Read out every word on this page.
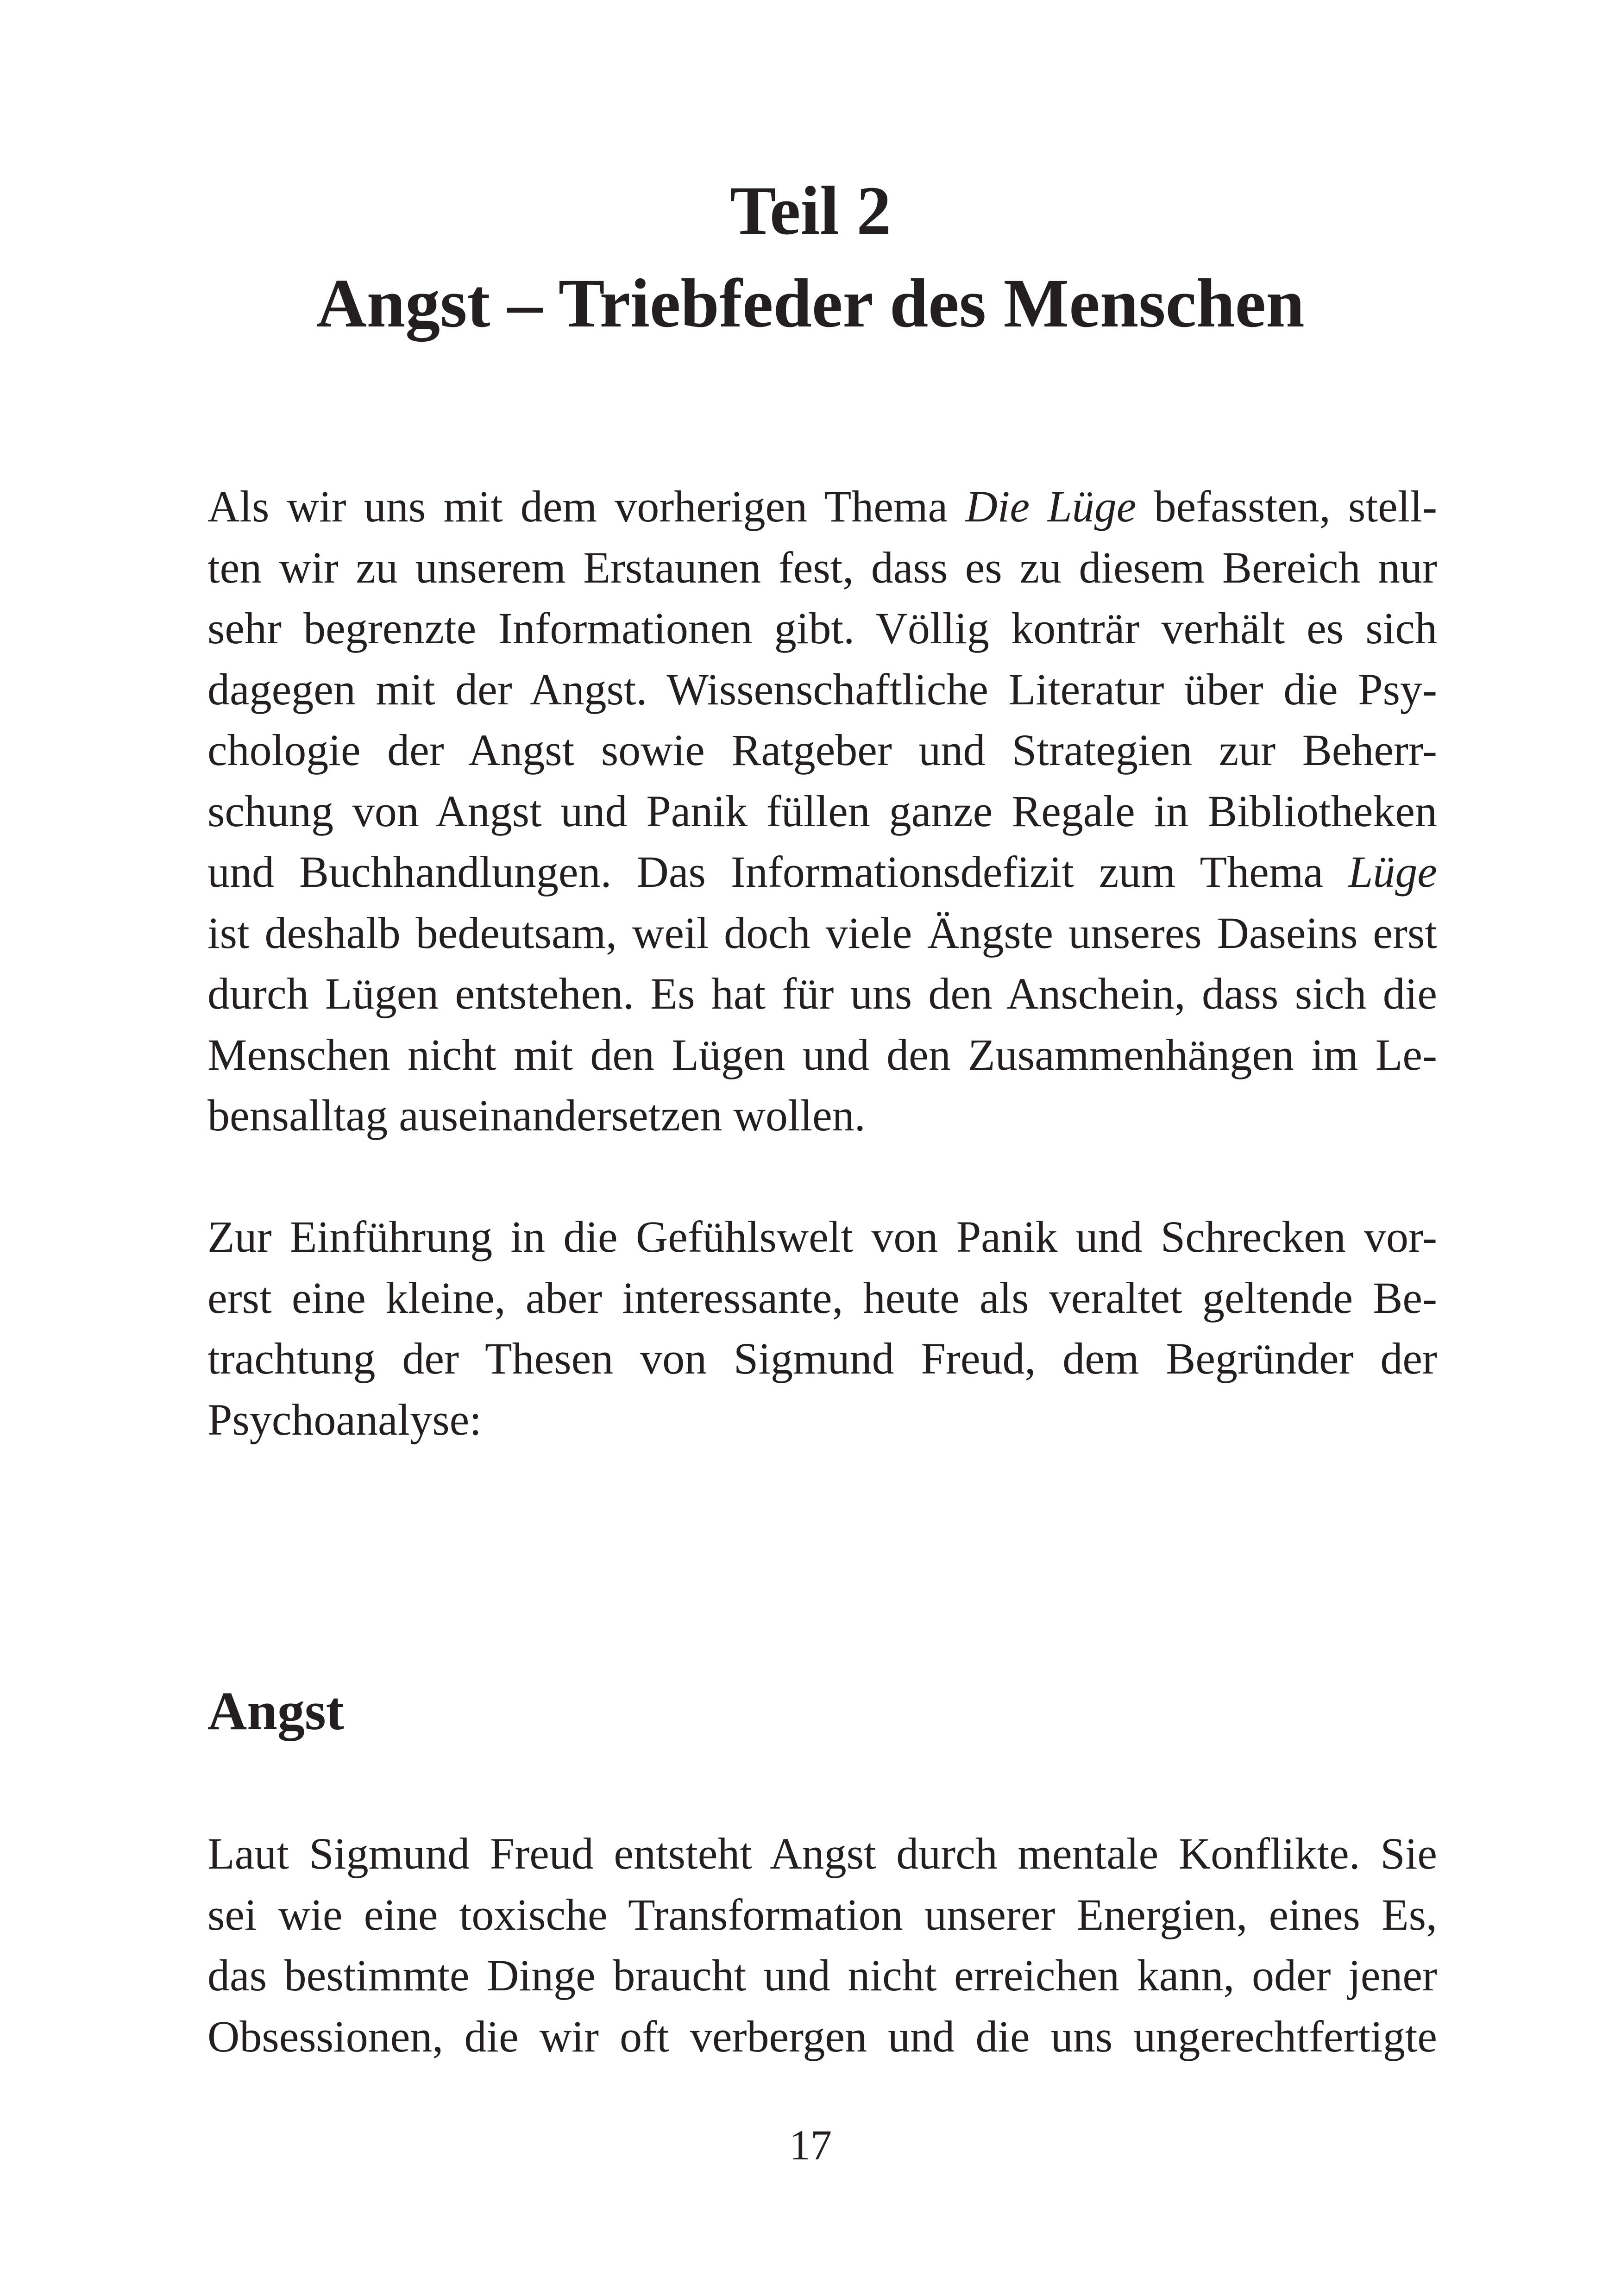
Teil 2
Angst – Triebfeder des Menschen

Als wir uns mit dem vorherigen Thema Die Lüge befassten, stell-
ten wir zu unserem Erstaunen fest, dass es zu diesem Bereich nur
sehr begrenzte Informationen gibt. Völlig konträr verhält es sich
dagegen mit der Angst. Wissenschaftliche Literatur über die Psy-
chologie der Angst sowie Ratgeber und Strategien zur Beherr-
schung von Angst und Panik füllen ganze Regale in Bibliotheken
und Buchhandlungen. Das Informationsdefizit zum Thema Lüge
ist deshalb bedeutsam, weil doch viele Ängste unseres Daseins erst
durch Lügen entstehen. Es hat für uns den Anschein, dass sich die
Menschen nicht mit den Lügen und den Zusammenhängen im Le-
bensalltag auseinandersetzen wollen.

Zur Einführung in die Gefühlswelt von Panik und Schrecken vor-
erst eine kleine, aber interessante, heute als veraltet geltende Be-
trachtung der Thesen von Sigmund Freud, dem Begründer der
Psychoanalyse:

Angst

Laut Sigmund Freud entsteht Angst durch mentale Konflikte. Sie
sei wie eine toxische Transformation unserer Energien, eines Es,
das bestimmte Dinge braucht und nicht erreichen kann, oder jener
Obsessionen, die wir oft verbergen und die uns ungerechtfertigte

17
